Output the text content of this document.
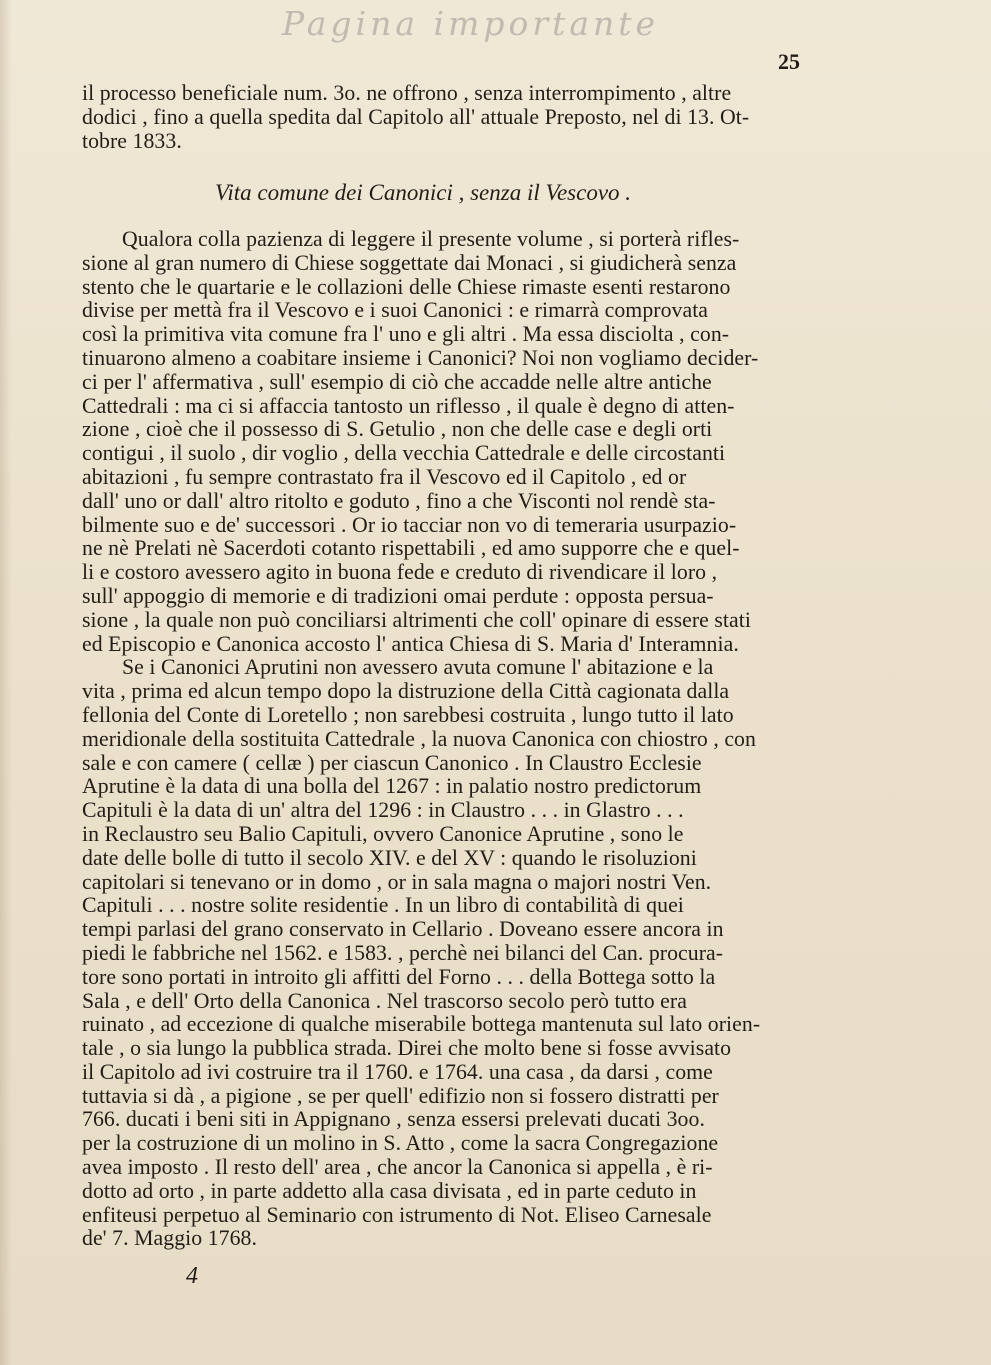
Pagina importante
25
il processo beneficiale num. 3o. ne offrono , senza interrompimento , altre
dodici , fino a quella spedita dal Capitolo all' attuale Preposto, nel di 13. Ot-
tobre 1833.
Vita comune dei Canonici , senza il Vescovo .
Qualora colla pazienza di leggere il presente volume , si porterà rifles-
sione al gran numero di Chiese soggettate dai Monaci , si giudicherà senza
stento che le quartarie e le collazioni delle Chiese rimaste esenti restarono
divise per mettà fra il Vescovo e i suoi Canonici : e rimarrà comprovata
così la primitiva vita comune fra l' uno e gli altri . Ma essa disciolta , con-
tinuarono almeno a coabitare insieme i Canonici? Noi non vogliamo decider-
ci per l' affermativa , sull' esempio di ciò che accadde nelle altre antiche
Cattedrali : ma ci si affaccia tantosto un riflesso , il quale è degno di atten-
zione , cioè che il possesso di S. Getulio , non che delle case e degli orti
contigui , il suolo , dir voglio , della vecchia Cattedrale e delle circostanti
abitazioni , fu sempre contrastato fra il Vescovo ed il Capitolo , ed or
dall' uno or dall' altro ritolto e goduto , fino a che Visconti nol rendè sta-
bilmente suo e de' successori . Or io tacciar non vo di temeraria usurpazio-
ne nè Prelati nè Sacerdoti cotanto rispettabili , ed amo supporre che e quel-
li e costoro avessero agito in buona fede e creduto di rivendicare il loro ,
sull' appoggio di memorie e di tradizioni omai perdute : opposta persua-
sione , la quale non può conciliarsi altrimenti che coll' opinare di essere stati
ed Episcopio e Canonica accosto l' antica Chiesa di S. Maria d' Interamnia.
Se i Canonici Aprutini non avessero avuta comune l' abitazione e la
vita , prima ed alcun tempo dopo la distruzione della Città cagionata dalla
fellonia del Conte di Loretello ; non sarebbesi costruita , lungo tutto il lato
meridionale della sostituita Cattedrale , la nuova Canonica con chiostro , con
sale e con camere ( cellæ ) per ciascun Canonico . In Claustro Ecclesie
Aprutine è la data di una bolla del 1267 : in palatio nostro predictorum
Capituli è la data di un' altra del 1296 : in Claustro . . . in Glastro . . .
in Reclaustro seu Balio Capituli, ovvero Canonice Aprutine , sono le
date delle bolle di tutto il secolo XIV. e del XV : quando le risoluzioni
capitolari si tenevano or in domo , or in sala magna o majori nostri Ven.
Capituli . . . nostre solite residentie . In un libro di contabilità di quei
tempi parlasi del grano conservato in Cellario . Doveano essere ancora in
piedi le fabbriche nel 1562. e 1583. , perchè nei bilanci del Can. procura-
tore sono portati in introito gli affitti del Forno . . . della Bottega sotto la
Sala , e dell' Orto della Canonica . Nel trascorso secolo però tutto era
ruinato , ad eccezione di qualche miserabile bottega mantenuta sul lato orien-
tale , o sia lungo la pubblica strada. Direi che molto bene si fosse avvisato
il Capitolo ad ivi costruire tra il 1760. e 1764. una casa , da darsi , come
tuttavia si dà , a pigione , se per quell' edifizio non si fossero distratti per
766. ducati i beni siti in Appignano , senza essersi prelevati ducati 3oo.
per la costruzione di un molino in S. Atto , come la sacra Congregazione
avea imposto . Il resto dell' area , che ancor la Canonica si appella , è ri-
dotto ad orto , in parte addetto alla casa divisata , ed in parte ceduto in
enfiteusi perpetuo al Seminario con istrumento di Not. Eliseo Carnesale
de' 7. Maggio 1768.
4
